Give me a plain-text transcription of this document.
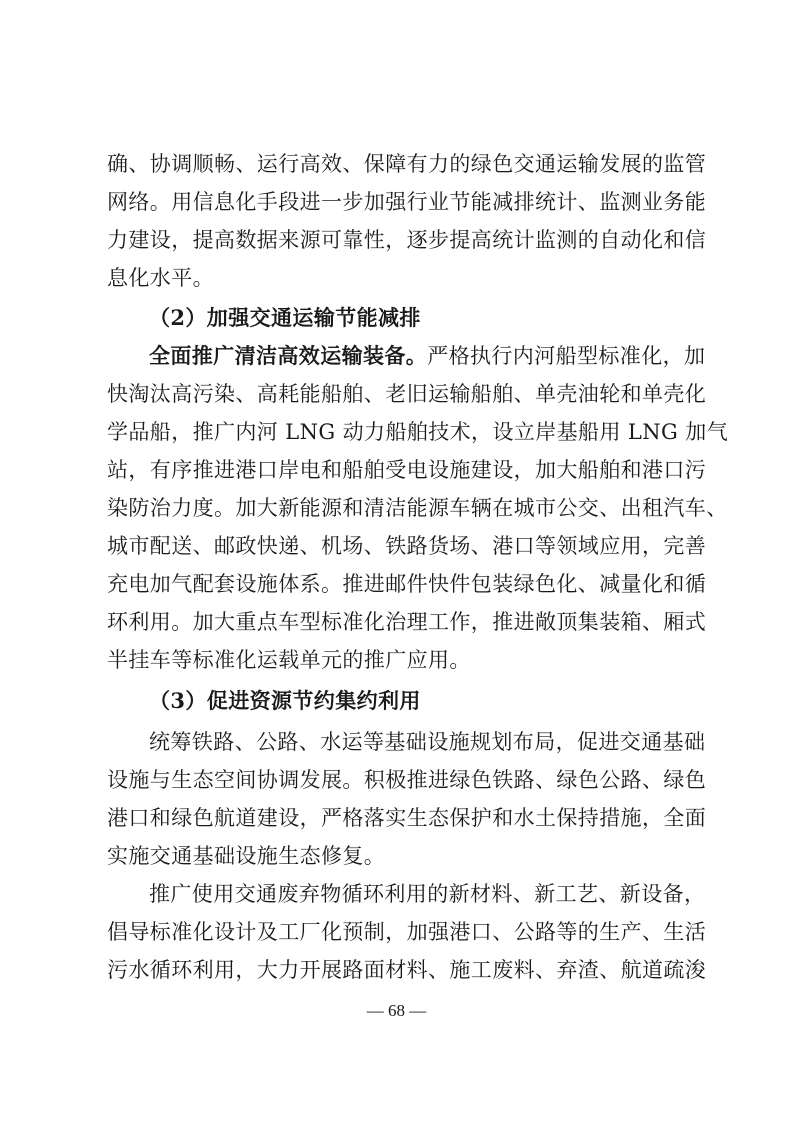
确、协调顺畅、运行高效、保障有力的绿色交通运输发展的监管
网络。用信息化手段进一步加强行业节能减排统计、监测业务能
力建设，提高数据来源可靠性，逐步提高统计监测的自动化和信
息化水平。
（2）加强交通运输节能减排
全面推广清洁高效运输装备。严格执行内河船型标准化，加
快淘汰高污染、高耗能船舶、老旧运输船舶、单壳油轮和单壳化
学品船，推广内河 LNG 动力船舶技术，设立岸基船用 LNG 加气
站，有序推进港口岸电和船舶受电设施建设，加大船舶和港口污
染防治力度。加大新能源和清洁能源车辆在城市公交、出租汽车、
城市配送、邮政快递、机场、铁路货场、港口等领域应用，完善
充电加气配套设施体系。推进邮件快件包装绿色化、减量化和循
环利用。加大重点车型标准化治理工作，推进敞顶集装箱、厢式
半挂车等标准化运载单元的推广应用。
（3）促进资源节约集约利用
统筹铁路、公路、水运等基础设施规划布局，促进交通基础
设施与生态空间协调发展。积极推进绿色铁路、绿色公路、绿色
港口和绿色航道建设，严格落实生态保护和水土保持措施，全面
实施交通基础设施生态修复。
推广使用交通废弃物循环利用的新材料、新工艺、新设备，
倡导标准化设计及工厂化预制，加强港口、公路等的生产、生活
污水循环利用，大力开展路面材料、施工废料、弃渣、航道疏浚
— 68 —
